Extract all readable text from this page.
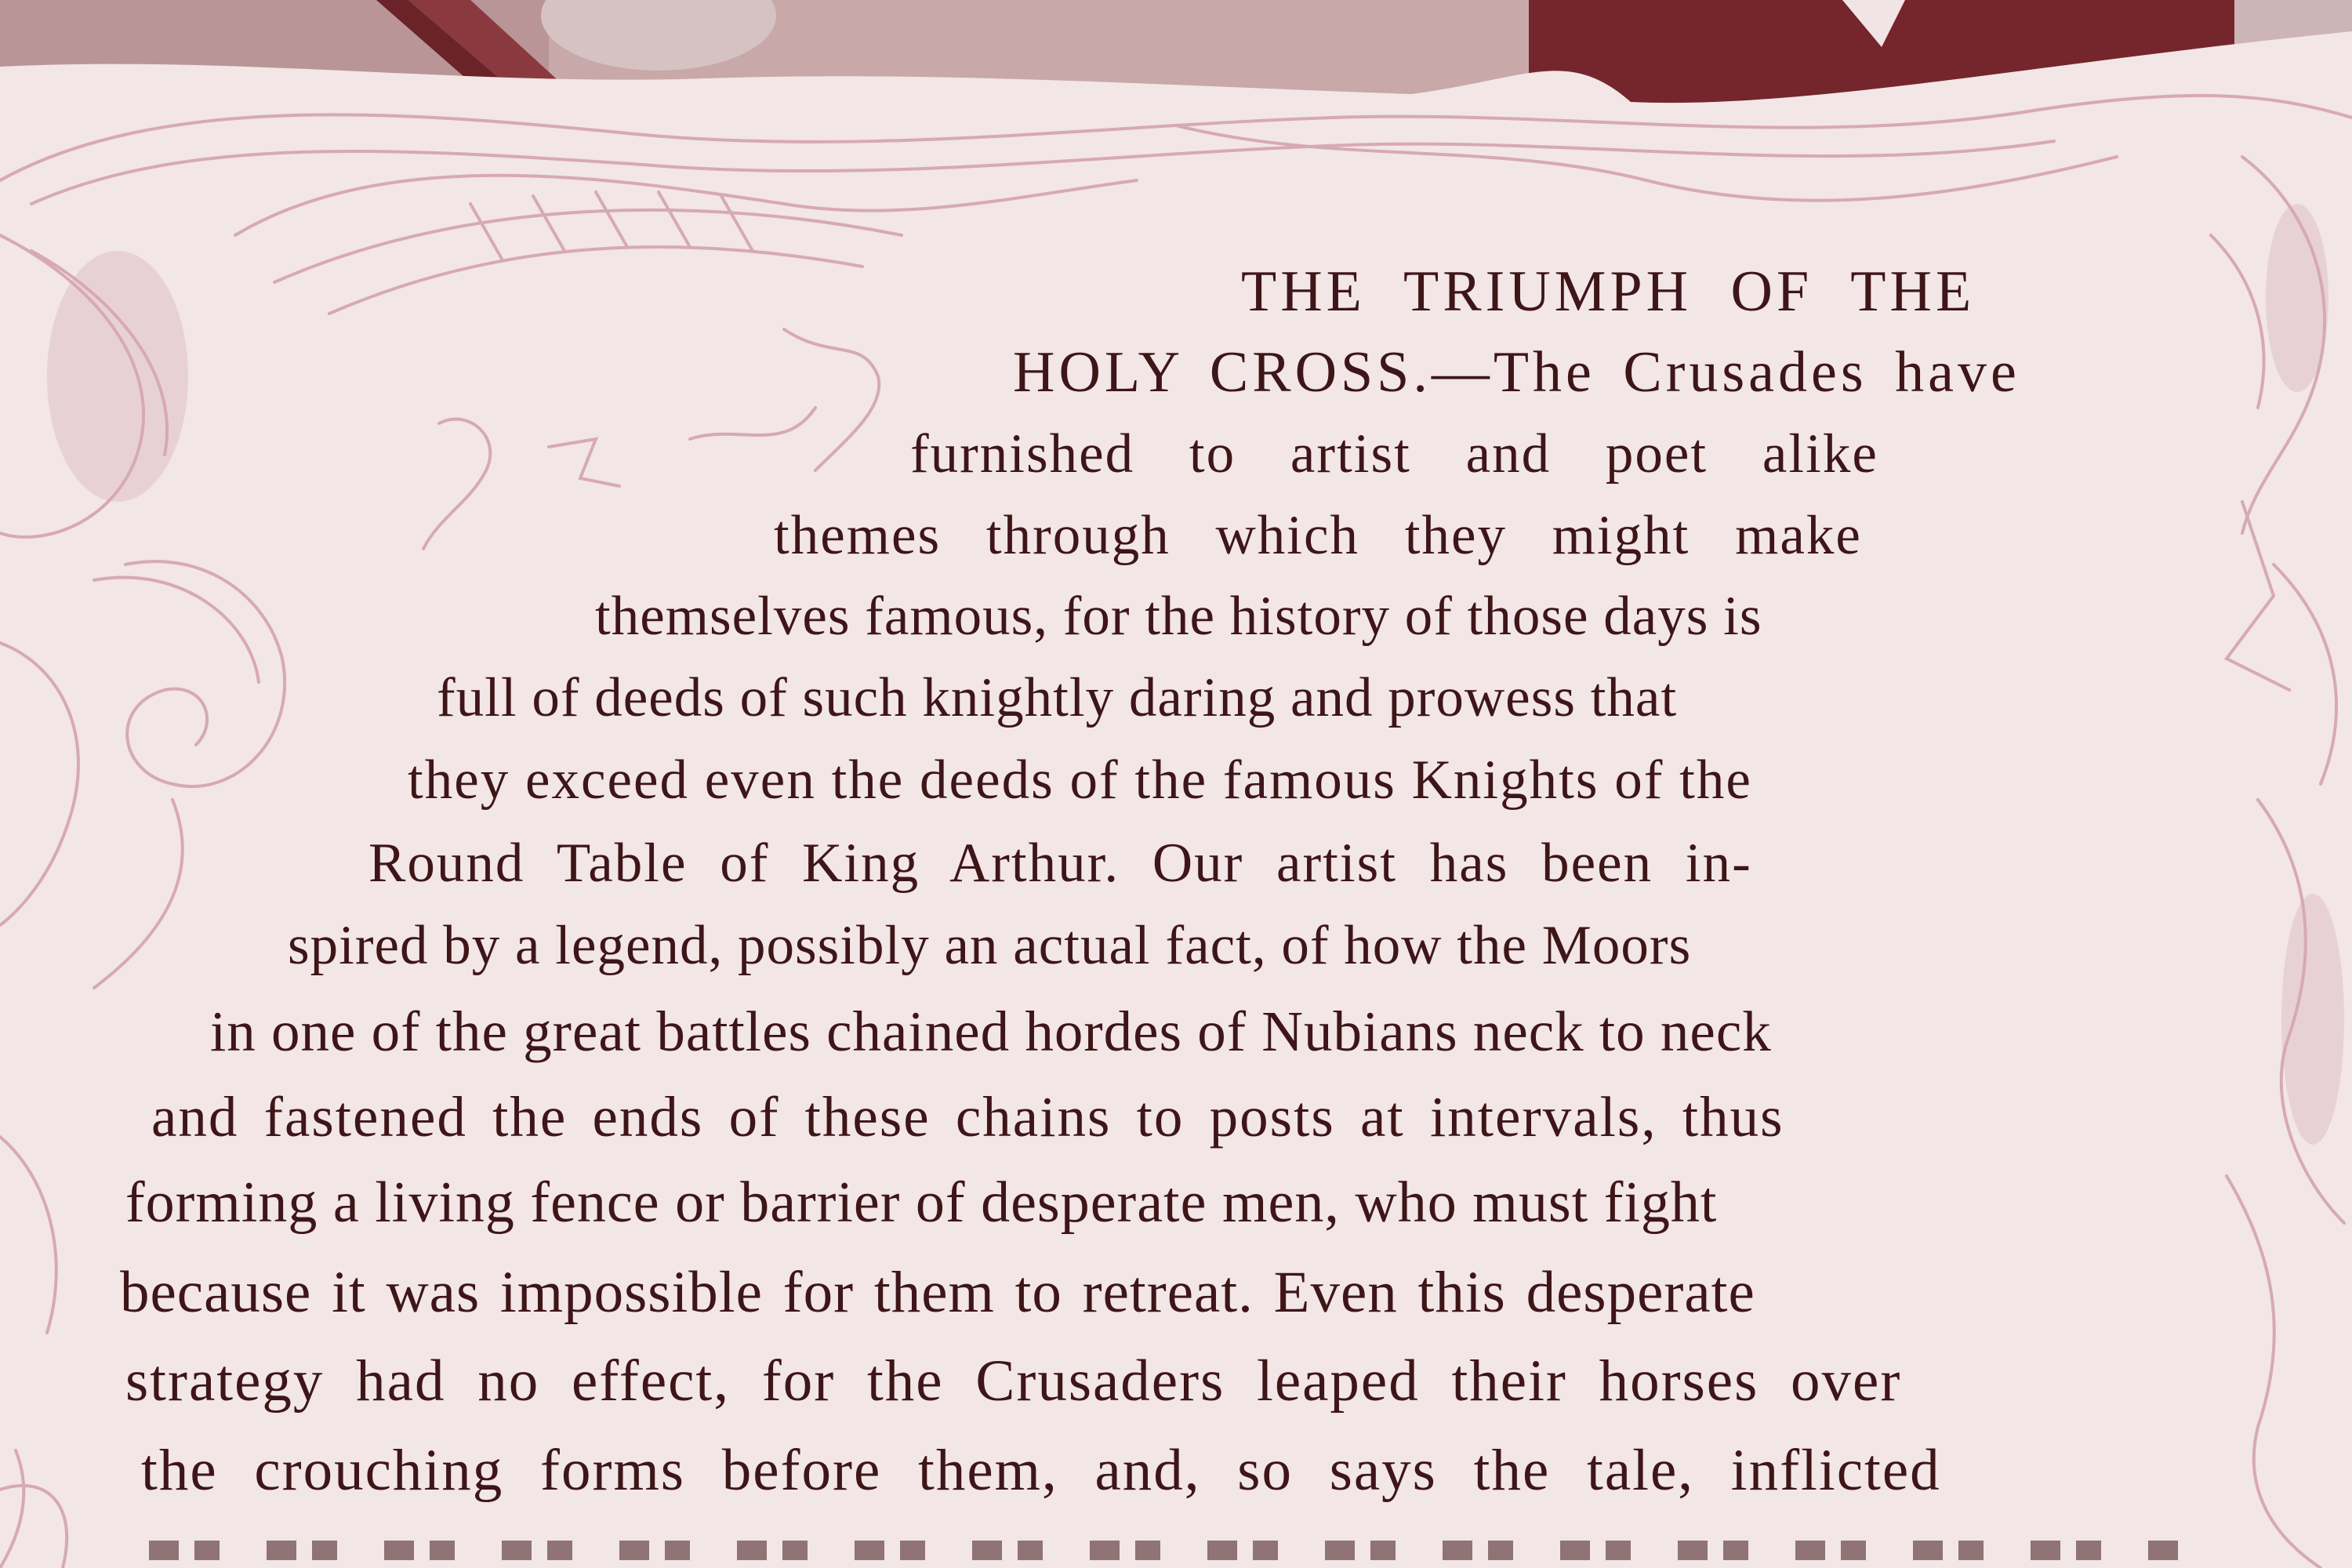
THE TRIUMPH OF THE
HOLY CROSS.—The Crusades have
furnished to artist and poet alike
themes through which they might make
themselves famous, for the history of those days is
full of deeds of such knightly daring and prowess that
they exceed even the deeds of the famous Knights of the
Round Table of King Arthur. Our artist has been in-
spired by a legend, possibly an actual fact, of how the Moors
in one of the great battles chained hordes of Nubians neck to neck
and fastened the ends of these chains to posts at intervals, thus
forming a living fence or barrier of desperate men, who must fight
because it was impossible for them to retreat. Even this desperate
strategy had no effect, for the Crusaders leaped their horses over
the crouching forms before them, and, so says the tale, inflicted
